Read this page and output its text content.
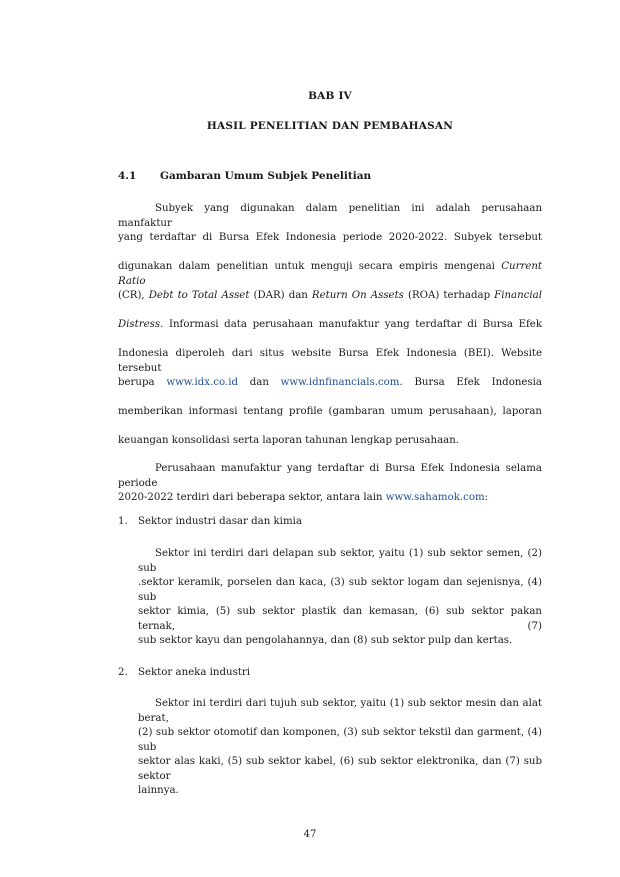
BAB IV
HASIL PENELITIAN DAN PEMBAHASAN
4.1 Gambaran Umum Subjek Penelitian
Subyek yang digunakan dalam penelitian ini adalah perusahaan manfaktur
yang terdaftar di Bursa Efek Indonesia periode 2020-2022. Subyek tersebut
digunakan dalam penelitian untuk menguji secara empiris mengenai Current Ratio
(CR), Debt to Total Asset (DAR) dan Return On Assets (ROA) terhadap Financial
Distress. Informasi data perusahaan manufaktur yang terdaftar di Bursa Efek
Indonesia diperoleh dari situs website Bursa Efek Indonesia (BEI). Website tersebut
berupa www.idx.co.id dan www.idnfinancials.com. Bursa Efek Indonesia
memberikan informasi tentang profile (gambaran umum perusahaan), laporan
keuangan konsolidasi serta laporan tahunan lengkap perusahaan.
Perusahaan manufaktur yang terdaftar di Bursa Efek Indonesia selama periode
2020-2022 terdiri dari beberapa sektor, antara lain www.sahamok.com:
1. Sektor industri dasar dan kimia
Sektor ini terdiri dari delapan sub sektor, yaitu (1) sub sektor semen, (2) sub
.sektor keramik, porselen dan kaca, (3) sub sektor logam dan sejenisnya, (4) sub
sektor kimia, (5) sub sektor plastik dan kemasan, (6) sub sektor pakan ternak, (7)
sub sektor kayu dan pengolahannya, dan (8) sub sektor pulp dan kertas.
2. Sektor aneka industri
Sektor ini terdiri dari tujuh sub sektor, yaitu (1) sub sektor mesin dan alat berat,
(2) sub sektor otomotif dan komponen, (3) sub sektor tekstil dan garment, (4) sub
sektor alas kaki, (5) sub sektor kabel, (6) sub sektor elektronika, dan (7) sub sektor
lainnya.
47
